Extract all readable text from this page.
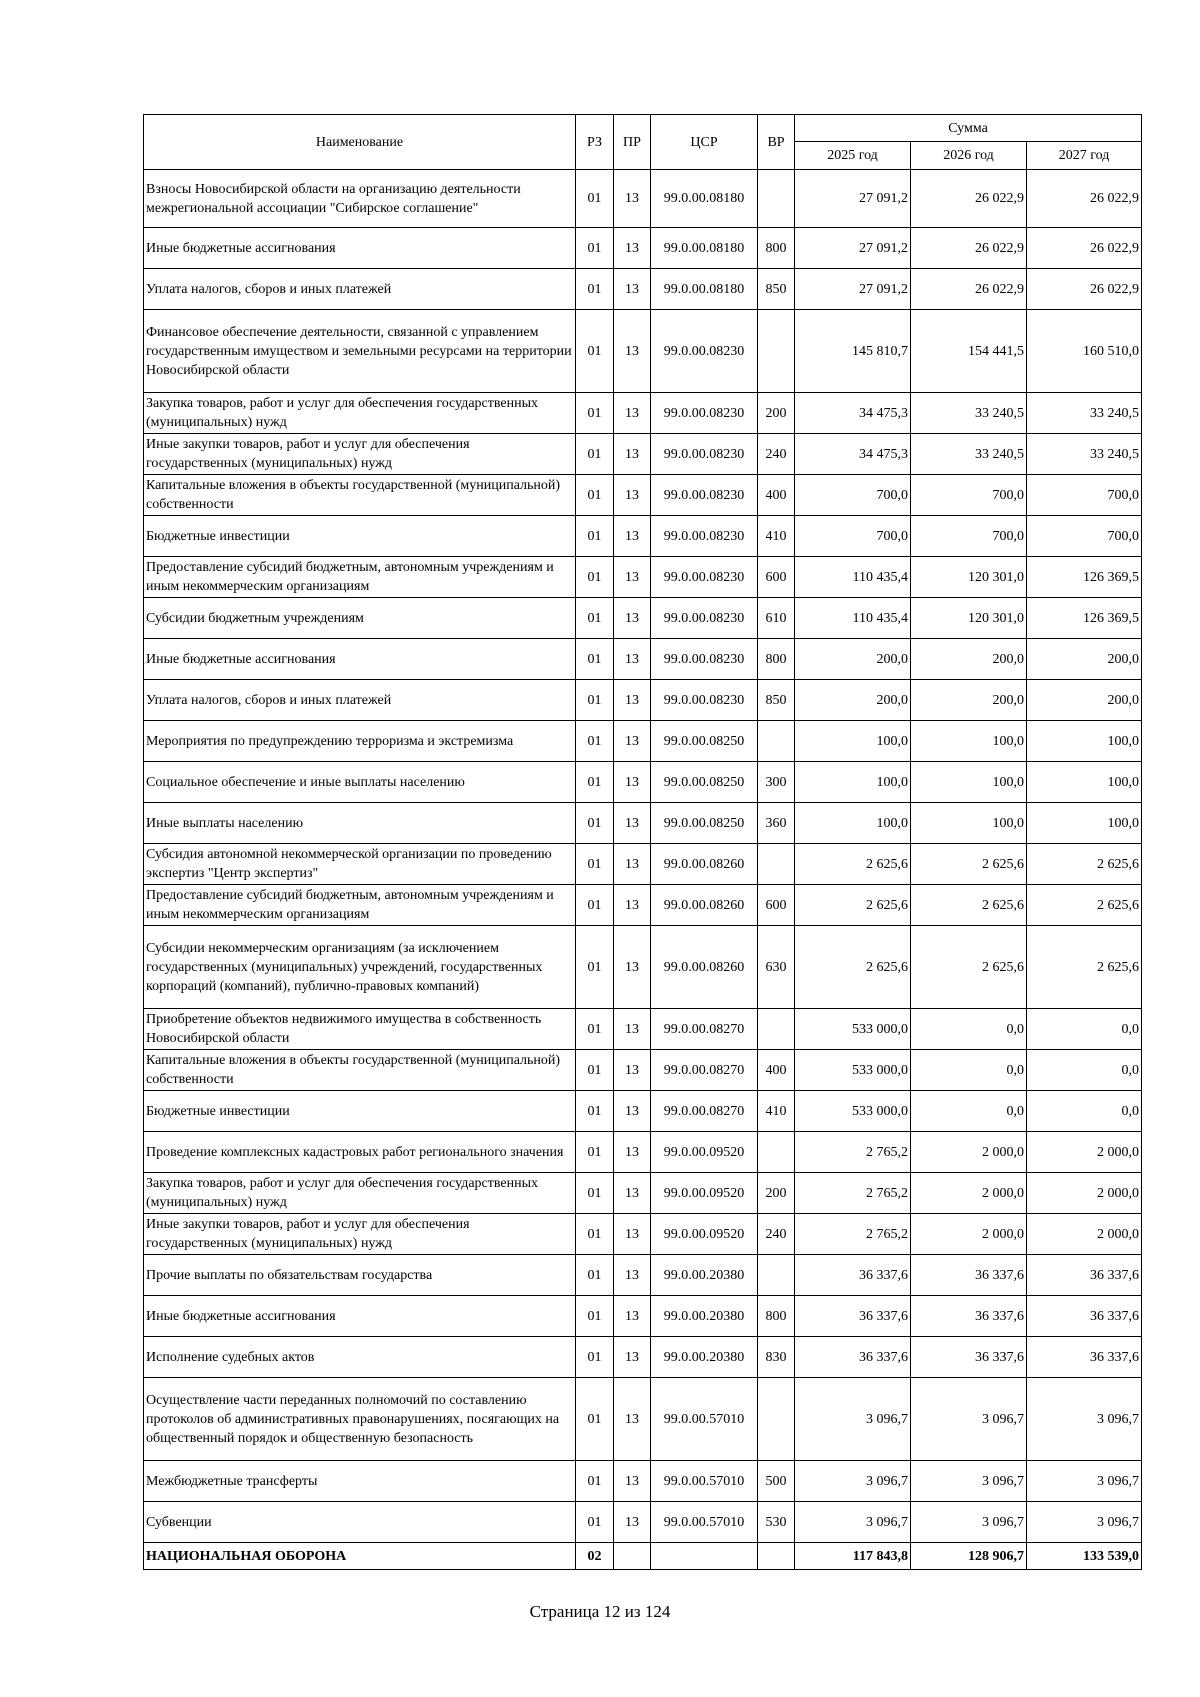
Наименование	РЗ	ПР	ЦСР	ВР	Сумма		
					2025 год	2026 год	2027 год
Взносы Новосибирской области на организацию деятельности межрегиональной ассоциации "Сибирское соглашение"	01	13	99.0.00.08180		27 091,2	26 022,9	26 022,9
Иные бюджетные ассигнования	01	13	99.0.00.08180	800	27 091,2	26 022,9	26 022,9
Уплата налогов, сборов и иных платежей	01	13	99.0.00.08180	850	27 091,2	26 022,9	26 022,9
Финансовое обеспечение деятельности, связанной с управлением государственным имуществом и земельными ресурсами на территории Новосибирской области	01	13	99.0.00.08230		145 810,7	154 441,5	160 510,0
Закупка товаров, работ и услуг для обеспечения государственных (муниципальных) нужд	01	13	99.0.00.08230	200	34 475,3	33 240,5	33 240,5
Иные закупки товаров, работ и услуг для обеспечения государственных (муниципальных) нужд	01	13	99.0.00.08230	240	34 475,3	33 240,5	33 240,5
Капитальные вложения в объекты государственной (муниципальной) собственности	01	13	99.0.00.08230	400	700,0	700,0	700,0
Бюджетные инвестиции	01	13	99.0.00.08230	410	700,0	700,0	700,0
Предоставление субсидий бюджетным, автономным учреждениям и иным некоммерческим организациям	01	13	99.0.00.08230	600	110 435,4	120 301,0	126 369,5
Субсидии бюджетным учреждениям	01	13	99.0.00.08230	610	110 435,4	120 301,0	126 369,5
Иные бюджетные ассигнования	01	13	99.0.00.08230	800	200,0	200,0	200,0
Уплата налогов, сборов и иных платежей	01	13	99.0.00.08230	850	200,0	200,0	200,0
Мероприятия по предупреждению терроризма и экстремизма	01	13	99.0.00.08250		100,0	100,0	100,0
Социальное обеспечение и иные выплаты населению	01	13	99.0.00.08250	300	100,0	100,0	100,0
Иные выплаты населению	01	13	99.0.00.08250	360	100,0	100,0	100,0
Субсидия автономной некоммерческой организации по проведению экспертиз "Центр экспертиз"	01	13	99.0.00.08260		2 625,6	2 625,6	2 625,6
Предоставление субсидий бюджетным, автономным учреждениям и иным некоммерческим организациям	01	13	99.0.00.08260	600	2 625,6	2 625,6	2 625,6
Субсидии некоммерческим организациям (за исключением государственных (муниципальных) учреждений, государственных корпораций (компаний), публично-правовых компаний)	01	13	99.0.00.08260	630	2 625,6	2 625,6	2 625,6
Приобретение объектов недвижимого имущества в собственность Новосибирской области	01	13	99.0.00.08270		533 000,0	0,0	0,0
Капитальные вложения в объекты государственной (муниципальной) собственности	01	13	99.0.00.08270	400	533 000,0	0,0	0,0
Бюджетные инвестиции	01	13	99.0.00.08270	410	533 000,0	0,0	0,0
Проведение комплексных кадастровых работ регионального значения	01	13	99.0.00.09520		2 765,2	2 000,0	2 000,0
Закупка товаров, работ и услуг для обеспечения государственных (муниципальных) нужд	01	13	99.0.00.09520	200	2 765,2	2 000,0	2 000,0
Иные закупки товаров, работ и услуг для обеспечения государственных (муниципальных) нужд	01	13	99.0.00.09520	240	2 765,2	2 000,0	2 000,0
Прочие выплаты по обязательствам государства	01	13	99.0.00.20380		36 337,6	36 337,6	36 337,6
Иные бюджетные ассигнования	01	13	99.0.00.20380	800	36 337,6	36 337,6	36 337,6
Исполнение судебных актов	01	13	99.0.00.20380	830	36 337,6	36 337,6	36 337,6
Осуществление части переданных полномочий по составлению протоколов об административных правонарушениях, посягающих на общественный порядок и общественную безопасность	01	13	99.0.00.57010		3 096,7	3 096,7	3 096,7
Межбюджетные трансферты	01	13	99.0.00.57010	500	3 096,7	3 096,7	3 096,7
Субвенции	01	13	99.0.00.57010	530	3 096,7	3 096,7	3 096,7
НАЦИОНАЛЬНАЯ ОБОРОНА	02				117 843,8	128 906,7	133 539,0
Страница 12 из 124
